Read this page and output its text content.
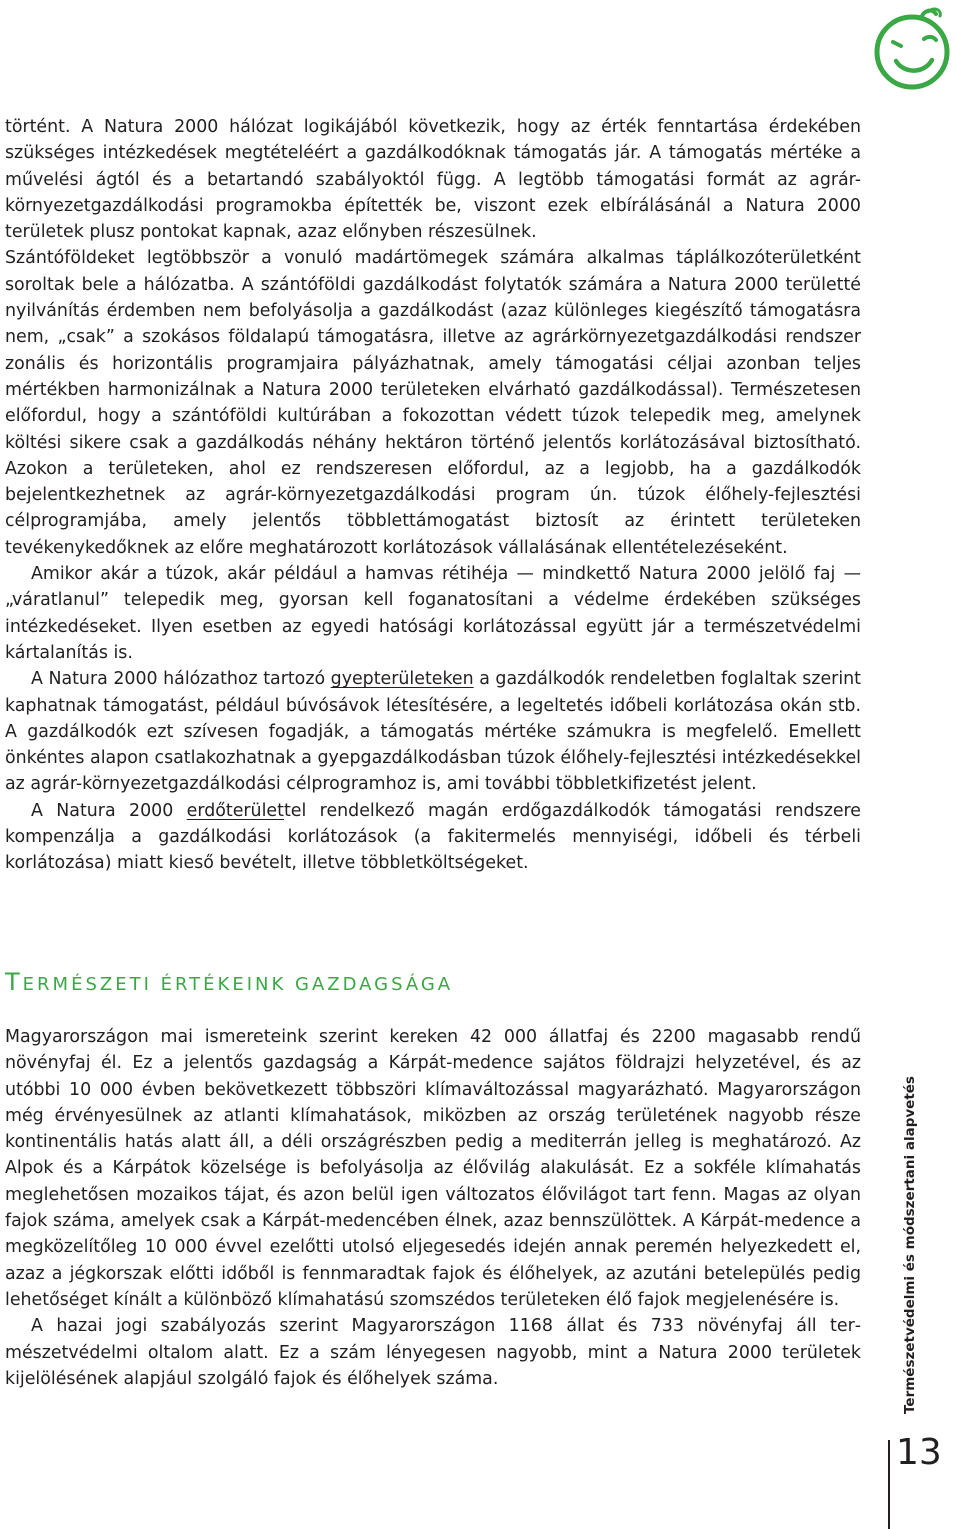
történt. A Natura 2000 hálózat logikájából következik, hogy az érték fenntartása érdekében szükséges intézkedések megtételéért a gazdálkodóknak támogatás jár. A támogatás mértéke a művelési ágtól és a betartandó szabályoktól függ. A legtöbb támogatási formát az agrár-környezetgazdálkodási programokba építették be, viszont ezek elbírálásánál a Natura 2000 területek plusz pontokat kapnak, azaz előnyben részesülnek.

Szántóföldeket legtöbbször a vonuló madártömegek számára alkalmas táplálkozóterületként soroltak bele a hálózatba. A szántóföldi gazdálkodást folytatók számára a Natura 2000 területté nyilvánítás érdemben nem befolyásolja a gazdálkodást (azaz különleges kiegészítő támogatásra nem, „csak” a szokásos földalapú támogatásra, illetve az agrárkörnyezetgazdálkodási rendszer zonális és horizontális programjaira pályázhatnak, amely támogatási céljai azonban teljes mértékben harmonizálnak a Natura 2000 területeken elvárható gazdálkodással). Természetesen előfordul, hogy a szántóföldi kultúrában a fokozottan védett túzok telepedik meg, amelynek költési sikere csak a gazdálkodás néhány hektáron történő jelentős korlátozásával biztosítható. Azokon a területeken, ahol ez rendszeresen előfordul, az a legjobb, ha a gazdálkodók bejelentkezhetnek az agrár-környezetgazdálkodási program ún. túzok élőhely-fejlesztési célprogramjába, amely jelentős többlettámogatást biztosít az érintett területeken tevékenykedőknek az előre meghatározott korlátozások vállalásának ellentételezéseként.

Amikor akár a túzok, akár például a hamvas rétihéja — mindkettő Natura 2000 jelölő faj — „váratlanul” telepedik meg, gyorsan kell foganatosítani a védelme érdekében szükséges intézkedéseket. Ilyen esetben az egyedi hatósági korlátozással együtt jár a természetvédelmi kártalanítás is.

A Natura 2000 hálózathoz tartozó gyepterületeken a gazdálkodók rendeletben foglaltak szerint kaphatnak támogatást, például búvósávok létesítésére, a legeltetés időbeli korlátozása okán stb. A gazdálkodók ezt szívesen fogadják, a támogatás mértéke számukra is megfelelő. Emellett önkéntes alapon csatlakozhatnak a gyepgazdálkodásban túzok élőhely-fejlesztési intézkedésekkel az agrár-környezetgazdálkodási célprogramhoz is, ami további többletkifizetést jelent.

A Natura 2000 erdőterülettel rendelkező magán erdőgazdálkodók támogatási rendszere kompenzálja a gazdálkodási korlátozások (a fakitermelés mennyiségi, időbeli és térbeli korlátozása) miatt kieső bevételt, illetve többletköltségeket.

TERMÉSZETI ÉRTÉKEINK GAZDAGSÁGA

Magyarországon mai ismereteink szerint kereken 42 000 állatfaj és 2200 magasabb rendű növényfaj él. Ez a jelentős gazdagság a Kárpát-medence sajátos földrajzi helyzetével, és az utóbbi 10 000 évben bekövetkezett többszöri klímaváltozással magyarázható. Magyarországon még érvényesülnek az atlanti klímahatások, miközben az ország területének nagyobb része kontinentális hatás alatt áll, a déli országrészben pedig a mediterrán jelleg is meghatározó. Az Alpok és a Kárpátok közelsége is befolyásolja az élővilág alakulását. Ez a sokféle klímahatás meglehetősen mozaikos tájat, és azon belül igen változatos élővilágot tart fenn. Magas az olyan fajok száma, amelyek csak a Kárpát-medencében élnek, azaz bennszülöttek. A Kárpát-medence a megközelítőleg 10 000 évvel ezelőtti utolsó eljegesedés idején annak peremén helyezkedett el, azaz a jégkorszak előtti időből is fennmaradtak fajok és élőhelyek, az azutáni betelepülés pedig lehetőséget kínált a különböző klímahatású szomszédos területeken élő fajok megjelenésére is.

A hazai jogi szabályozás szerint Magyarországon 1168 állat és 733 növényfaj áll természetvédelmi oltalom alatt. Ez a szám lényegesen nagyobb, mint a Natura 2000 területek kijelölésének alapjául szolgáló fajok és élőhelyek száma.	Természetvédelmi és módszertani alapvetés
13
